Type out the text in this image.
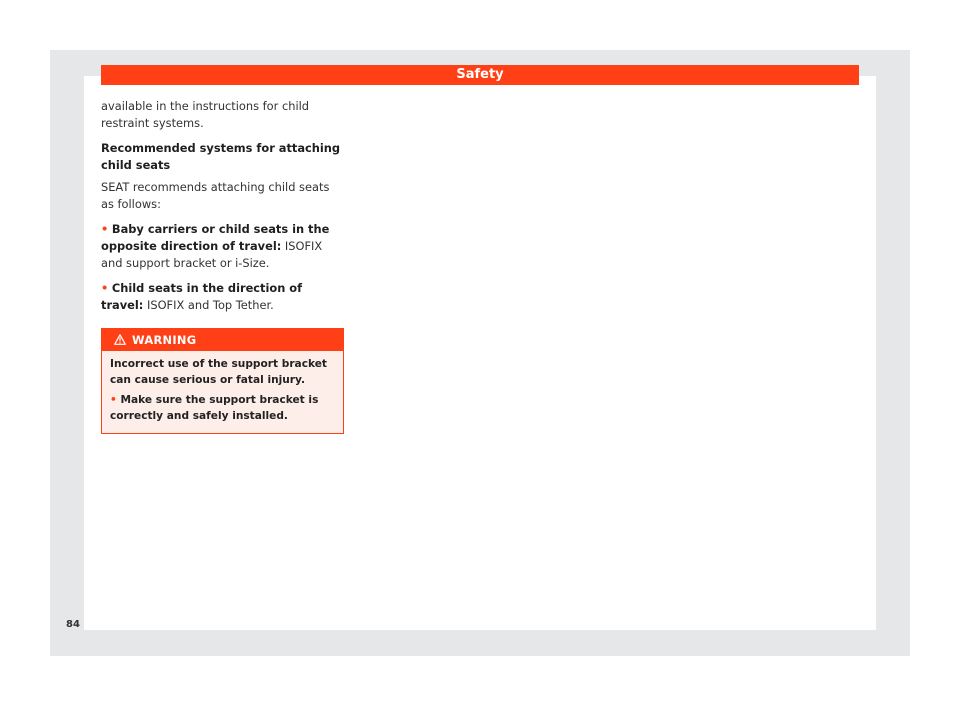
Safety

available in the instructions for child restraint systems.

Recommended systems for attaching child seats

SEAT recommends attaching child seats as follows:

• Baby carriers or child seats in the opposite direction of travel: ISOFIX and support bracket or i-Size.

• Child seats in the direction of travel: ISOFIX and Top Tether.

WARNING

Incorrect use of the support bracket can cause serious or fatal injury.

• Make sure the support bracket is correctly and safely installed.

84
